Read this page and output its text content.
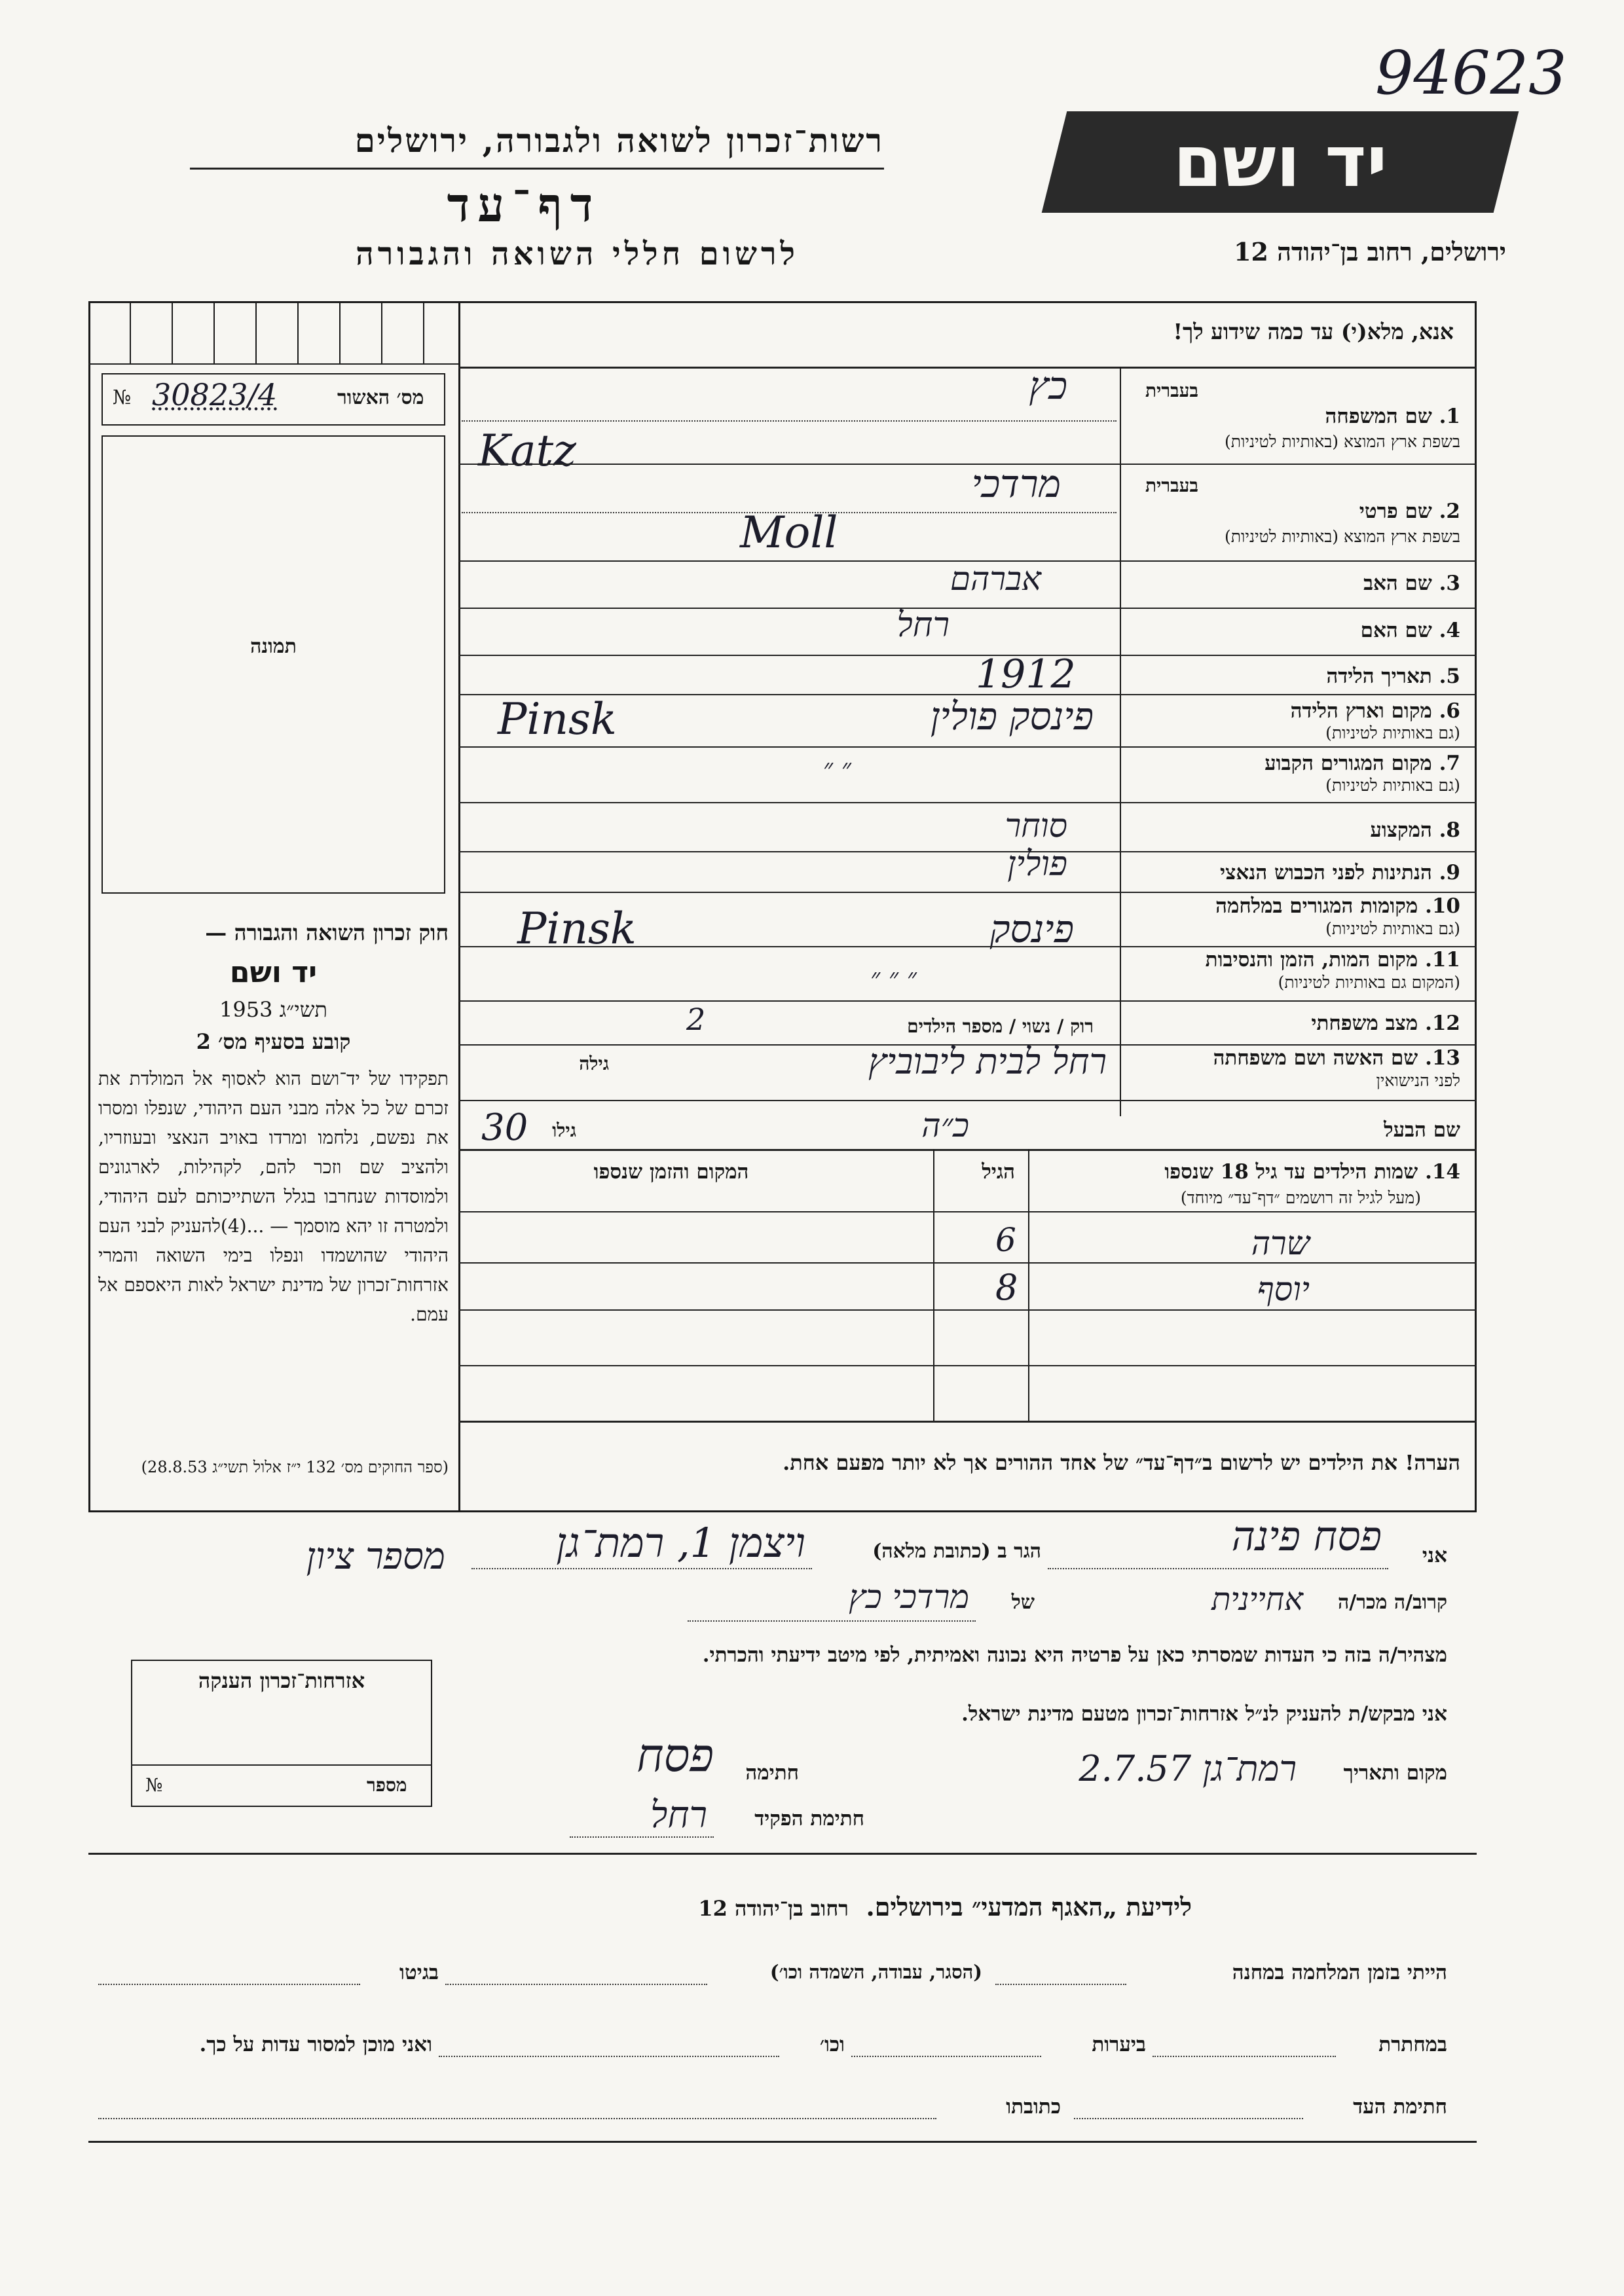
94623
רשות־זכרון לשואה ולגבורה, ירושלים
דף־עד
לרשום חללי השואה והגבורה
יד ושם
ירושלים, רחוב בן־יהודה 12
מס׳ האשור
№ 30823/4
תמונה
חוק זכרון השואה והגבורה —
יד ושם
תשי״ג 1953
קובע בסעיף מס׳ 2
תפקידו של יד־ושם הוא לאסוף אל המולדת את זכרם של כל אלה מבני העם היהודי, שנפלו ומסרו את נפשם, נלחמו ומרדו באויב הנאצי ובעוזריו, ולהציב שם וזכר להם, לקהילות, לארגונים ולמוסדות שנחרבו בגלל השתייכותם לעם היהודי, ולמטרה זו יהא מוסמך — ...(4)להעניק לבני העם היהודי שהושמדו ונפלו בימי השואה והמרי אזרחות־זכרון של מדינת ישראל לאות היאספם אל עמם.
(ספר החוקים מס׳ 132 י״ז אלול תשי״ג 28.8.53)
אנא, מלא(י) עד כמה שידוע לך!
בעברית
1. שם המשפחה
בשפת ארץ המוצא (באותיות לטיניות)
כץ
Katz
בעברית
2. שם פרטי
בשפת ארץ המוצא (באותיות לטיניות)
מרדכי
Moll
3. שם האב
אברהם
4. שם האם
רחל
5. תאריך הלידה
1912
6. מקום וארץ הלידה
(גם באותיות לטיניות)
פינסק פולין
Pinsk
7. מקום המגורים הקבוע
(גם באותיות לטיניות)
״ ״
8. המקצוע
סוחר
9. הנתינות לפני הכבוש הנאצי
פולין
10. מקומות המגורים במלחמה
(גם באותיות לטיניות)
פינסק
Pinsk
11. מקום המות, הזמן והנסיבות
(המקום גם באותיות לטיניות)
״ ״ ״
12. מצב משפחתי
רוק / נשוי / מספר הילדים
2
13. שם האשה ושם משפחתה
לפני הנישואין
גילה	רחל לבית ליבוביץ
שם הבעל
גילו
30	כ״ה
14. שמות הילדים עד גיל 18 שנספו
(מעל לגיל זה רושמים ״דף־עד״ מיוחד)
הגיל
המקום והזמן שנספו
שרה
6
יוסף
8
הערה! את הילדים יש לרשום ב״דף־עד״ של אחד ההורים אך לא יותר מפעם אחת.
מספר ציון
אזרחות־זכרון הענקה
מספר
№
אני
פסח פינה
הגר ב (כתובת מלאה)
ויצמן 1, רמת־גן
קרוב/ה מכר/ה
אחיינית
של
מרדכי כץ
מצהיר/ה בזה כי העדות שמסרתי כאן על פרטיה היא נכונה ואמיתית, לפי מיטב ידיעתי והכרתי.
אני מבקש/ת להעניק לנ״ל אזרחות־זכרון מטעם מדינת ישראל.
מקום ותאריך
רמת־גן 2.7.57
חתימה
פסח
חתימת הפקיד
רחל
לידיעת „האגף המדעי״ בירושלים.  רחוב בן־יהודה 12
הייתי בזמן המלחמה במחנה
(הסגר, עבודה, השמדה וכו׳)
בגיטו
במחתרת
ביערות
וכו׳
ואני מוכן למסור עדות על כך.
חתימת העד
כתובתו
